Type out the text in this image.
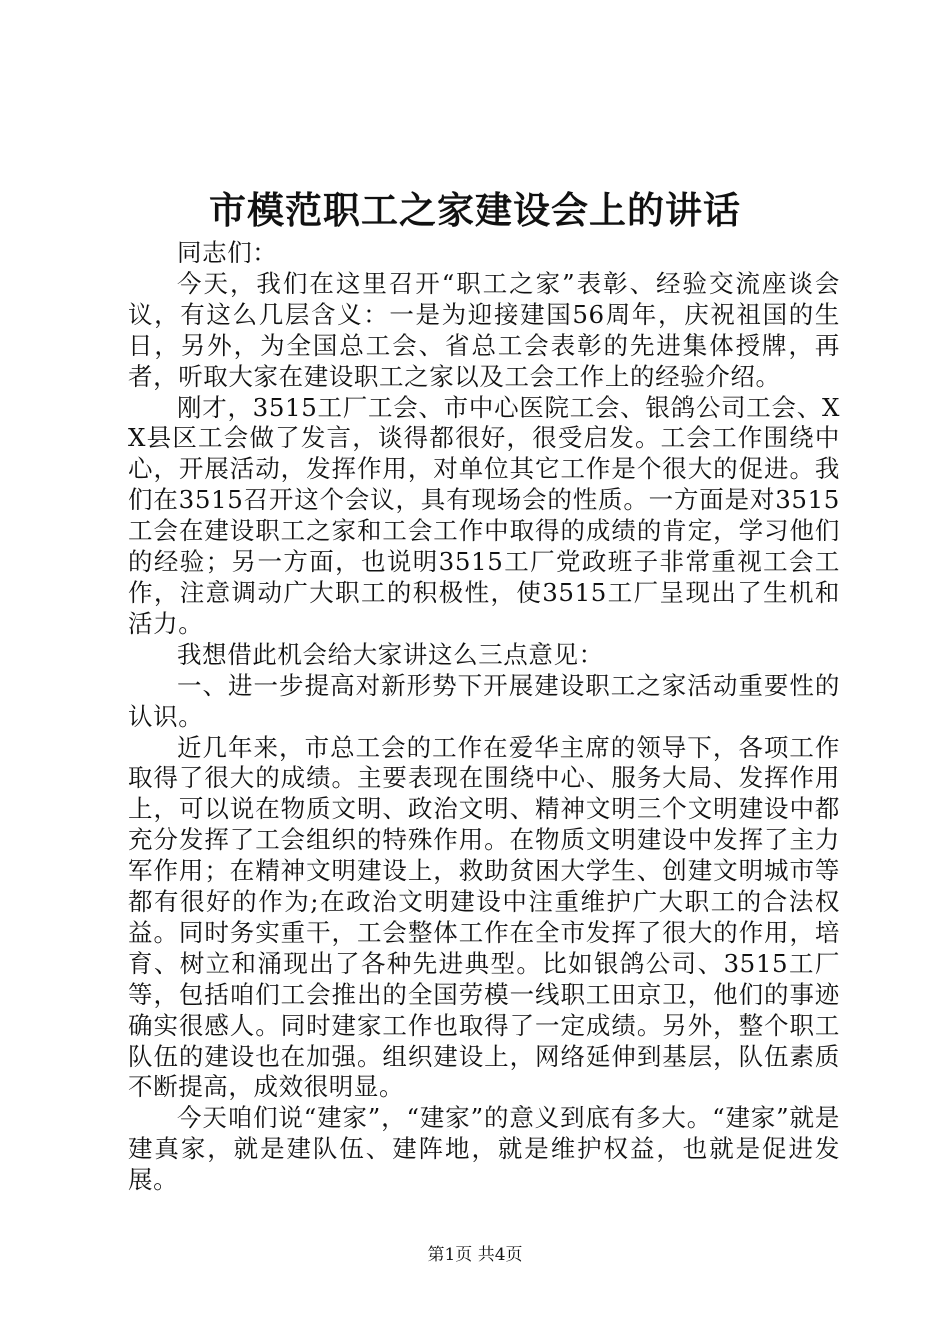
市模范职工之家建设会上的讲话

同志们：

今天，我们在这里召开“职工之家”表彰、经验交流座谈会议，有这么几层含义：一是为迎接建国56周年，庆祝祖国的生日，另外，为全国总工会、省总工会表彰的先进集体授牌，再者，听取大家在建设职工之家以及工会工作上的经验介绍。

刚才，3515工厂工会、市中心医院工会、银鸽公司工会、XX县区工会做了发言，谈得都很好，很受启发。工会工作围绕中心，开展活动，发挥作用，对单位其它工作是个很大的促进。我们在3515召开这个会议，具有现场会的性质。一方面是对3515工会在建设职工之家和工会工作中取得的成绩的肯定，学习他们的经验；另一方面，也说明3515工厂党政班子非常重视工会工作，注意调动广大职工的积极性，使3515工厂呈现出了生机和活力。

我想借此机会给大家讲这么三点意见：

一、进一步提高对新形势下开展建设职工之家活动重要性的认识。

近几年来，市总工会的工作在爱华主席的领导下，各项工作取得了很大的成绩。主要表现在围绕中心、服务大局、发挥作用上，可以说在物质文明、政治文明、精神文明三个文明建设中都充分发挥了工会组织的特殊作用。在物质文明建设中发挥了主力军作用；在精神文明建设上，救助贫困大学生、创建文明城市等都有很好的作为;在政治文明建设中注重维护广大职工的合法权益。同时务实重干，工会整体工作在全市发挥了很大的作用，培育、树立和涌现出了各种先进典型。比如银鸽公司、3515工厂等，包括咱们工会推出的全国劳模一线职工田京卫，他们的事迹确实很感人。同时建家工作也取得了一定成绩。另外，整个职工队伍的建设也在加强。组织建设上，网络延伸到基层，队伍素质不断提高，成效很明显。

今天咱们说“建家”，“建家”的意义到底有多大。“建家”就是建真家，就是建队伍、建阵地，就是维护权益，也就是促进发展。

第1页 共4页
